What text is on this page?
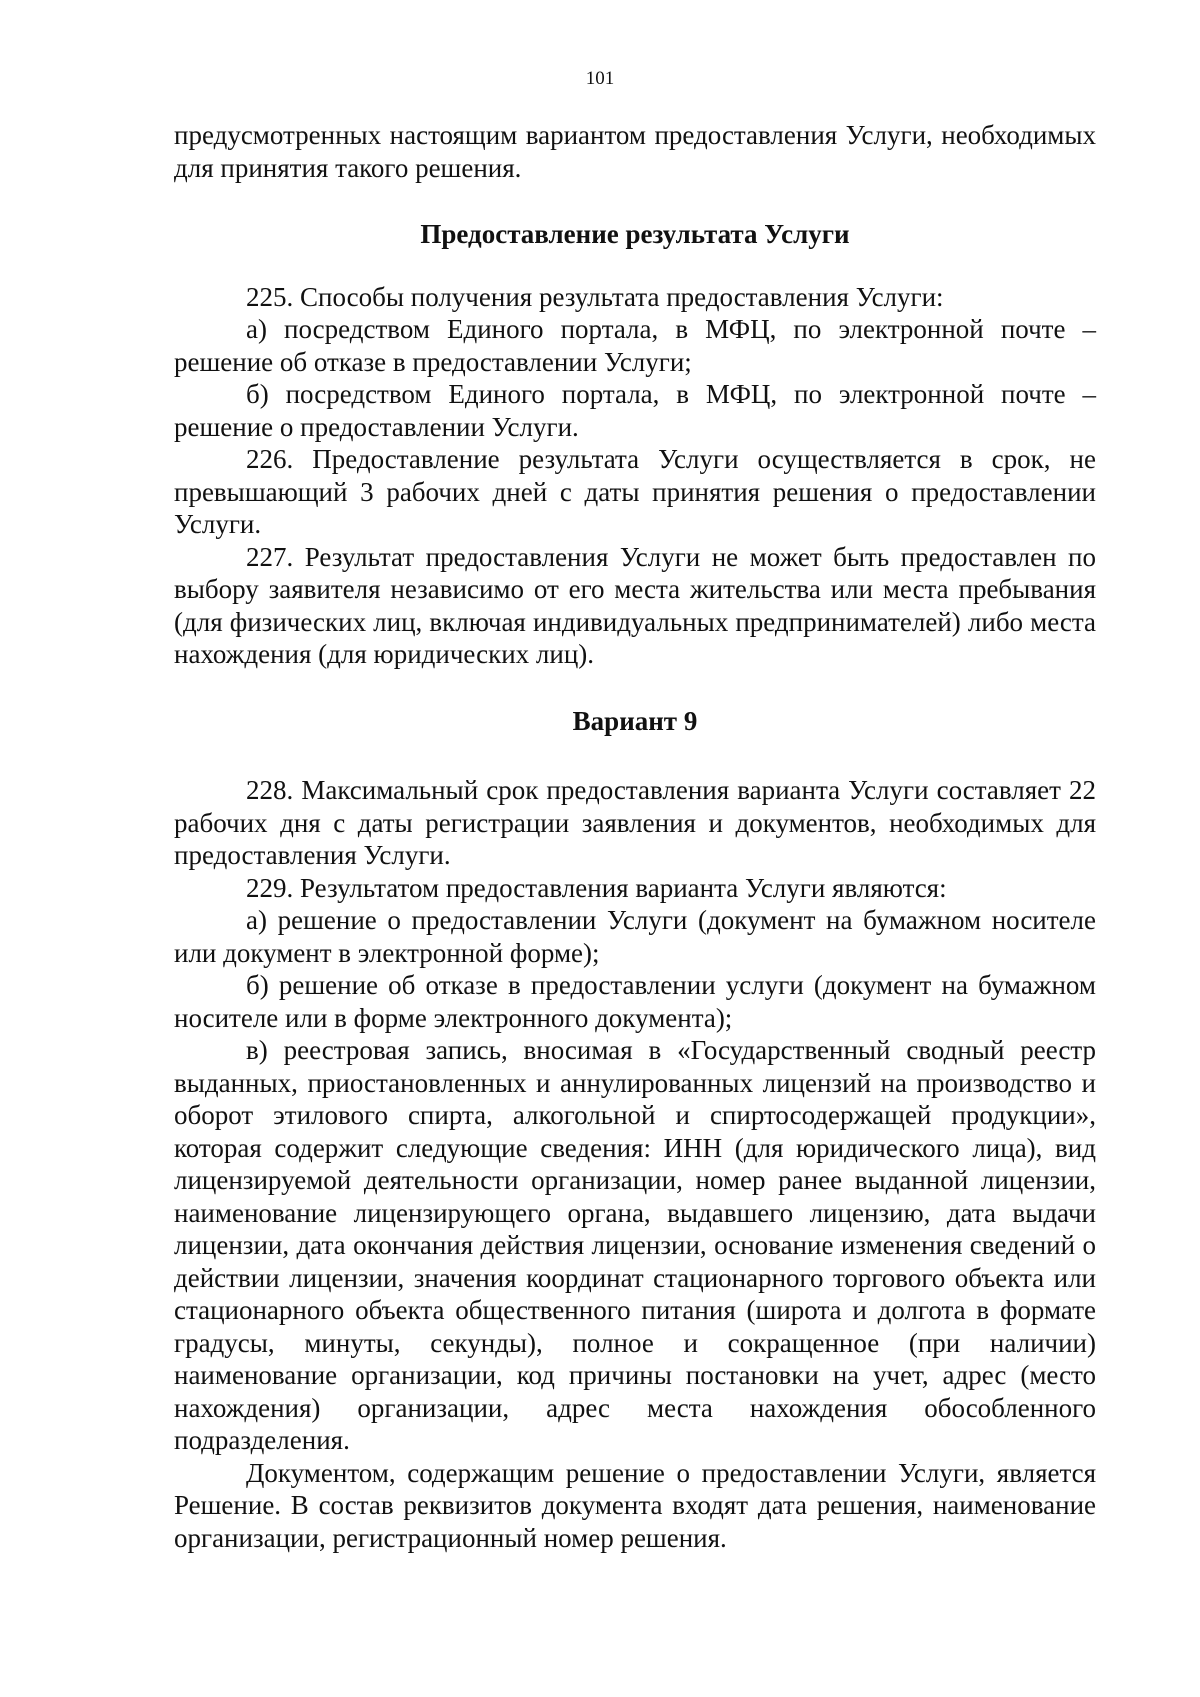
101

предусмотренных настоящим вариантом предоставления Услуги, необходимых для принятия такого решения.

Предоставление результата Услуги

225. Способы получения результата предоставления Услуги:

а) посредством Единого портала, в МФЦ, по электронной почте – решение об отказе в предоставлении Услуги;

б) посредством Единого портала, в МФЦ, по электронной почте – решение о предоставлении Услуги.

226. Предоставление результата Услуги осуществляется в срок, не превышающий 3 рабочих дней с даты принятия решения о предоставлении Услуги.

227. Результат предоставления Услуги не может быть предоставлен по выбору заявителя независимо от его места жительства или места пребывания (для физических лиц, включая индивидуальных предпринимателей) либо места нахождения (для юридических лиц).

Вариант 9

228. Максимальный срок предоставления варианта Услуги составляет 22 рабочих дня с даты регистрации заявления и документов, необходимых для предоставления Услуги.

229. Результатом предоставления варианта Услуги являются:

а) решение о предоставлении Услуги (документ на бумажном носителе или документ в электронной форме);

б) решение об отказе в предоставлении услуги (документ на бумажном носителе или в форме электронного документа);

в) реестровая запись, вносимая в «Государственный сводный реестр выданных, приостановленных и аннулированных лицензий на производство и оборот этилового спирта, алкогольной и спиртосодержащей продукции», которая содержит следующие сведения: ИНН (для юридического лица), вид лицензируемой деятельности организации, номер ранее выданной лицензии, наименование лицензирующего органа, выдавшего лицензию, дата выдачи лицензии, дата окончания действия лицензии, основание изменения сведений о действии лицензии, значения координат стационарного торгового объекта или стационарного объекта общественного питания (широта и долгота в формате градусы, минуты, секунды), полное и сокращенное (при наличии) наименование организации, код причины постановки на учет, адрес (место нахождения) организации, адрес места нахождения обособленного подразделения.

Документом, содержащим решение о предоставлении Услуги, является Решение. В состав реквизитов документа входят дата решения, наименование организации, регистрационный номер решения.
